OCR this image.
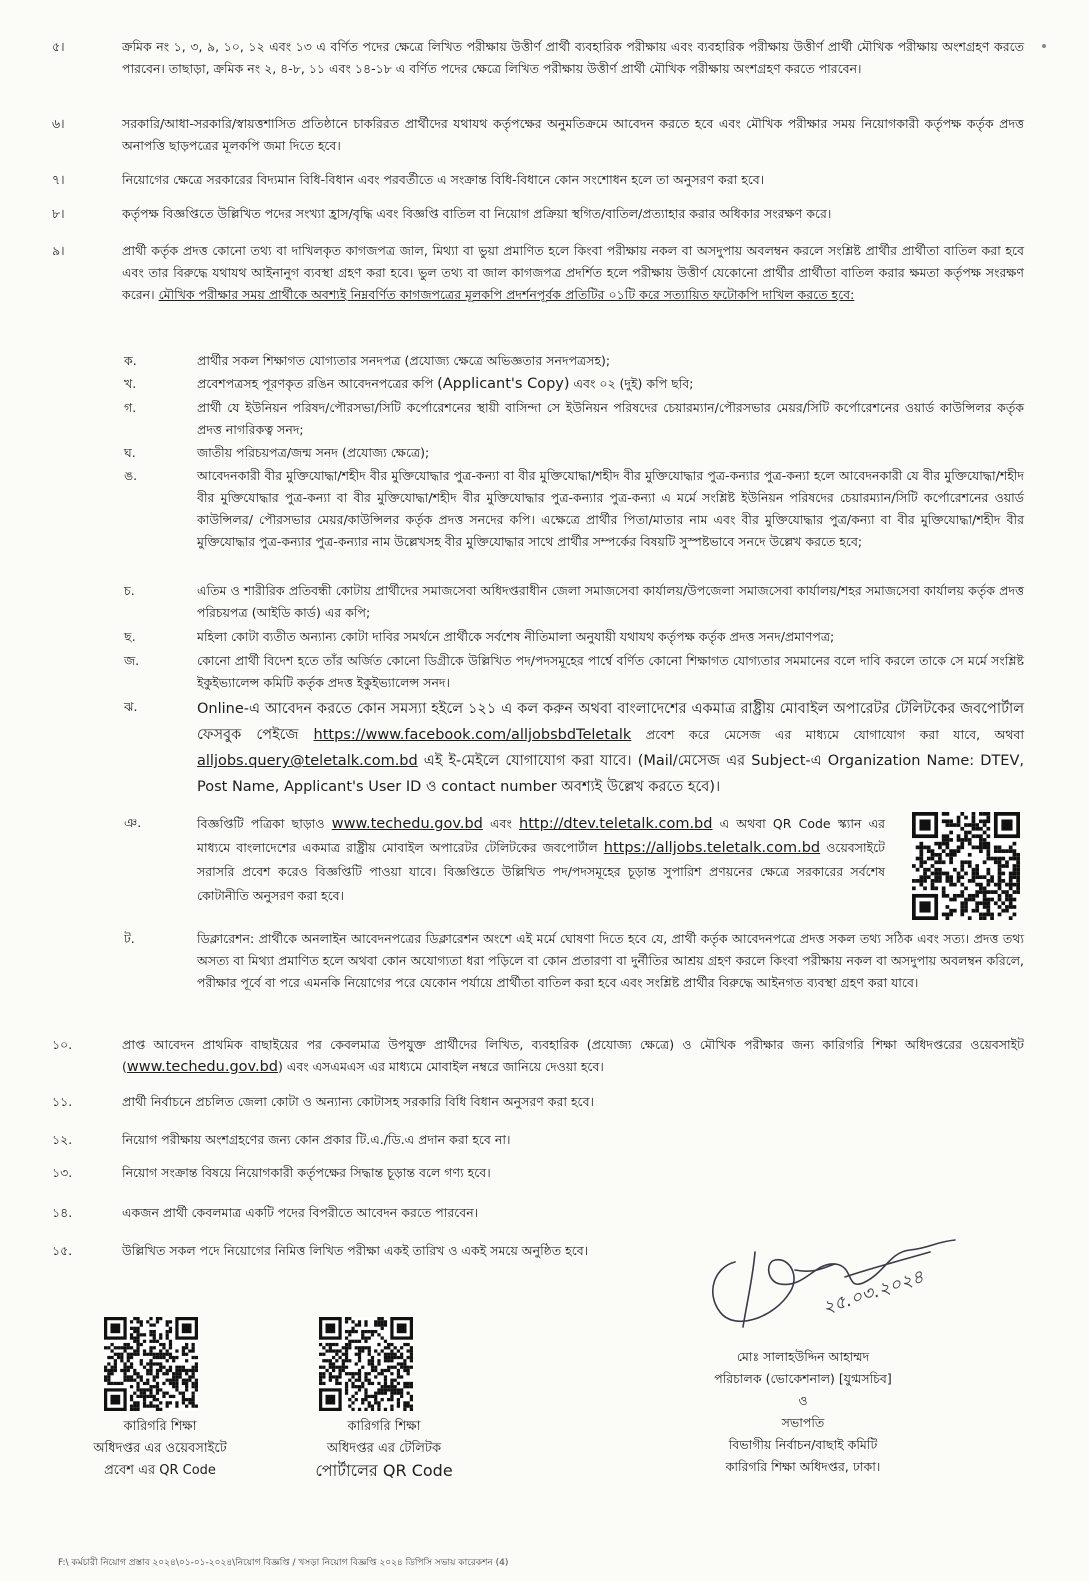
৫।	ক্রমিক নং ১, ৩, ৯, ১০, ১২ এবং ১৩ এ বর্ণিত পদের ক্ষেত্রে লিখিত পরীক্ষায় উত্তীর্ণ প্রার্থী ব্যবহারিক পরীক্ষায় এবং ব্যবহারিক পরীক্ষায় উত্তীর্ণ প্রার্থী মৌখিক পরীক্ষায় অংশগ্রহণ করতে পারবেন। তাছাড়া, ক্রমিক নং ২, ৪-৮, ১১ এবং ১৪-১৮ এ বর্ণিত পদের ক্ষেত্রে লিখিত পরীক্ষায় উত্তীর্ণ প্রার্থী মৌখিক পরীক্ষায় অংশগ্রহণ করতে পারবেন।
৬।	সরকারি/আধা-সরকারি/স্বায়ত্তশাসিত প্রতিষ্ঠানে চাকরিরত প্রার্থীদের যথাযথ কর্তৃপক্ষের অনুমতিক্রমে আবেদন করতে হবে এবং মৌখিক পরীক্ষার সময় নিয়োগকারী কর্তৃপক্ষ কর্তৃক প্রদত্ত অনাপত্তি ছাড়পত্রের মূলকপি জমা দিতে হবে।
৭।	নিয়োগের ক্ষেত্রে সরকারের বিদ্যমান বিধি-বিধান এবং পরবর্তীতে এ সংক্রান্ত বিধি-বিধানে কোন সংশোধন হলে তা অনুসরণ করা হবে।
৮।	কর্তৃপক্ষ বিজ্ঞপ্তিতে উল্লিখিত পদের সংখ্যা হ্রাস/বৃদ্ধি এবং বিজ্ঞপ্তি বাতিল বা নিয়োগ প্রক্রিয়া স্থগিত/বাতিল/প্রত্যাহার করার অধিকার সংরক্ষণ করে।
৯।	প্রার্থী কর্তৃক প্রদত্ত কোনো তথ্য বা দাখিলকৃত কাগজপত্র জাল, মিথ্যা বা ভুয়া প্রমাণিত হলে কিংবা পরীক্ষায় নকল বা অসদুপায় অবলম্বন করলে সংশ্লিষ্ট প্রার্থীর প্রার্থীতা বাতিল করা হবে এবং তার বিরুদ্ধে যথাযথ আইনানুগ ব্যবস্থা গ্রহণ করা হবে। ভুল তথ্য বা জাল কাগজপত্র প্রদর্শিত হলে পরীক্ষায় উত্তীর্ণ যেকোনো প্রার্থীর প্রার্থীতা বাতিল করার ক্ষমতা কর্তৃপক্ষ সংরক্ষণ করেন। মৌখিক পরীক্ষার সময় প্রার্থীকে অবশ্যই নিম্নবর্ণিত কাগজপত্রের মূলকপি প্রদর্শনপূর্বক প্রতিটির ০১টি করে সত্যায়িত ফটোকপি দাখিল করতে হবে:
ক.	প্রার্থীর সকল শিক্ষাগত যোগ্যতার সনদপত্র (প্রযোজ্য ক্ষেত্রে অভিজ্ঞতার সনদপত্রসহ);
খ.	প্রবেশপত্রসহ পূরণকৃত রঙিন আবেদনপত্রের কপি (Applicant's Copy) এবং ০২ (দুই) কপি ছবি;
গ.	প্রার্থী যে ইউনিয়ন পরিষদ/পৌরসভা/সিটি কর্পোরেশনের স্থায়ী বাসিন্দা সে ইউনিয়ন পরিষদের চেয়ারম্যান/পৌরসভার মেয়র/সিটি কর্পোরেশনের ওয়ার্ড কাউন্সিলর কর্তৃক প্রদত্ত নাগরিকত্ব সনদ;
ঘ.	জাতীয় পরিচয়পত্র/জন্ম সনদ (প্রযোজ্য ক্ষেত্রে);
ঙ.	আবেদনকারী বীর মুক্তিযোদ্ধা/শহীদ বীর মুক্তিযোদ্ধার পুত্র-কন্যা বা বীর মুক্তিযোদ্ধা/শহীদ বীর মুক্তিযোদ্ধার পুত্র-কন্যার পুত্র-কন্যা হলে আবেদনকারী যে বীর মুক্তিযোদ্ধা/শহীদ বীর মুক্তিযোদ্ধার পুত্র-কন্যা বা বীর মুক্তিযোদ্ধা/শহীদ বীর মুক্তিযোদ্ধার পুত্র-কন্যার পুত্র-কন্যা এ মর্মে সংশ্লিষ্ট ইউনিয়ন পরিষদের চেয়ারম্যান/সিটি কর্পোরেশনের ওয়ার্ড কাউন্সিলর/ পৌরসভার মেয়র/কাউন্সিলর কর্তৃক প্রদত্ত সনদের কপি। এক্ষেত্রে প্রার্থীর পিতা/মাতার নাম এবং বীর মুক্তিযোদ্ধার পুত্র/কন্যা বা বীর মুক্তিযোদ্ধা/শহীদ বীর মুক্তিযোদ্ধার পুত্র-কন্যার পুত্র-কন্যার নাম উল্লেখসহ বীর মুক্তিযোদ্ধার সাথে প্রার্থীর সম্পর্কের বিষয়টি সুস্পষ্টভাবে সনদে উল্লেখ করতে হবে;
চ.	এতিম ও শারীরিক প্রতিবন্ধী কোটায় প্রার্থীদের সমাজসেবা অধিদপ্তরাধীন জেলা সমাজসেবা কার্যালয়/উপজেলা সমাজসেবা কার্যালয়/শহর সমাজসেবা কার্যালয় কর্তৃক প্রদত্ত পরিচয়পত্র (আইডি কার্ড) এর কপি;
ছ.	মহিলা কোটা ব্যতীত অন্যান্য কোটা দাবির সমর্থনে প্রার্থীকে সর্বশেষ নীতিমালা অনুযায়ী যথাযথ কর্তৃপক্ষ কর্তৃক প্রদত্ত সনদ/প্রমাণপত্র;
জ.	কোনো প্রার্থী বিদেশ হতে তাঁর অর্জিত কোনো ডিগ্রীকে উল্লিখিত পদ/পদসমূহের পার্শ্বে বর্ণিত কোনো শিক্ষাগত যোগ্যতার সমমানের বলে দাবি করলে তাকে সে মর্মে সংশ্লিষ্ট ইকুইভ্যালেন্স কমিটি কর্তৃক প্রদত্ত ইকুইভ্যালেন্স সনদ।
ঝ.	Online-এ আবেদন করতে কোন সমস্যা হইলে ১২১ এ কল করুন অথবা বাংলাদেশের একমাত্র রাষ্ট্রীয় মোবাইল অপারেটর টেলিটকের জবপোর্টাল ফেসবুক পেইজে https://www.facebook.com/alljobsbdTeletalk প্রবেশ করে মেসেজ এর মাধ্যমে যোগাযোগ করা যাবে, অথবা alljobs.query@teletalk.com.bd এই ই-মেইলে যোগাযোগ করা যাবে। (Mail/মেসেজ এর Subject-এ Organization Name: DTEV, Post Name, Applicant's User ID ও contact number অবশ্যই উল্লেখ করতে হবে)।
ঞ.	বিজ্ঞপ্তিটি পত্রিকা ছাড়াও www.techedu.gov.bd এবং http://dtev.teletalk.com.bd এ অথবা QR Code স্ক্যান এর মাধ্যমে বাংলাদেশের একমাত্র রাষ্ট্রীয় মোবাইল অপারেটর টেলিটকের জবপোর্টাল https://alljobs.teletalk.com.bd ওয়েবসাইটে সরাসরি প্রবেশ করেও বিজ্ঞপ্তিটি পাওয়া যাবে। বিজ্ঞপ্তিতে উল্লিখিত পদ/পদসমূহের চূড়ান্ত সুপারিশ প্রণয়নের ক্ষেত্রে সরকারের সর্বশেষ কোটানীতি অনুসরণ করা হবে।
ট.	ডিক্লারেশন: প্রার্থীকে অনলাইন আবেদনপত্রের ডিক্লারেশন অংশে এই মর্মে ঘোষণা দিতে হবে যে, প্রার্থী কর্তৃক আবেদনপত্রে প্রদত্ত সকল তথ্য সঠিক এবং সত্য। প্রদত্ত তথ্য অসত্য বা মিথ্যা প্রমাণিত হলে অথবা কোন অযোগ্যতা ধরা পড়িলে বা কোন প্রতারণা বা দুর্নীতির আশ্রয় গ্রহণ করলে কিংবা পরীক্ষায় নকল বা অসদুপায় অবলম্বন করিলে, পরীক্ষার পূর্বে বা পরে এমনকি নিয়োগের পরে যেকোন পর্যায়ে প্রার্থীতা বাতিল করা হবে এবং সংশ্লিষ্ট প্রার্থীর বিরুদ্ধে আইনগত ব্যবস্থা গ্রহণ করা যাবে।
১০.	প্রাপ্ত আবেদন প্রাথমিক বাছাইয়ের পর কেবলমাত্র উপযুক্ত প্রার্থীদের লিখিত, ব্যবহারিক (প্রযোজ্য ক্ষেত্রে) ও মৌখিক পরীক্ষার জন্য কারিগরি শিক্ষা অধিদপ্তরের ওয়েবসাইট (www.techedu.gov.bd) এবং এসএমএস এর মাধ্যমে মোবাইল নম্বরে জানিয়ে দেওয়া হবে।
১১.	প্রার্থী নির্বাচনে প্রচলিত জেলা কোটা ও অন্যান্য কোটাসহ সরকারি বিধি বিধান অনুসরণ করা হবে।
১২.	নিয়োগ পরীক্ষায় অংশগ্রহণের জন্য কোন প্রকার টি.এ./ডি.এ প্রদান করা হবে না।
১৩.	নিয়োগ সংক্রান্ত বিষয়ে নিয়োগকারী কর্তৃপক্ষের সিদ্ধান্ত চূড়ান্ত বলে গণ্য হবে।
১৪.	একজন প্রার্থী কেবলমাত্র একটি পদের বিপরীতে আবেদন করতে পারবেন।
১৫.	উল্লিখিত সকল পদে নিয়োগের নিমিত্ত লিখিত পরীক্ষা একই তারিখ ও একই সময়ে অনুষ্ঠিত হবে।
২৫.০৩.২০২৪
কারিগরি শিক্ষা
অধিদপ্তর এর ওয়েবসাইটে
প্রবেশ এর QR Code
কারিগরি শিক্ষা
অধিদপ্তর এর টেলিটক
পোর্টালের QR Code
মোঃ সালাহউদ্দিন আহাম্মদ
পরিচালক (ভোকেশনাল) [যুগ্মসচিব]
ও
সভাপতি
বিভাগীয় নির্বাচন/বাছাই কমিটি
কারিগরি শিক্ষা অধিদপ্তর, ঢাকা।
F:\ কর্মচারী নিয়োগ প্রস্তাব ২০২৪\০১-০১-২০২৪\নিয়োগ বিজ্ঞপ্তি / খসড়া নিয়োগ বিজ্ঞপ্তি ২০২৪ ডিপিসি সভায় কারেকশন (4)
